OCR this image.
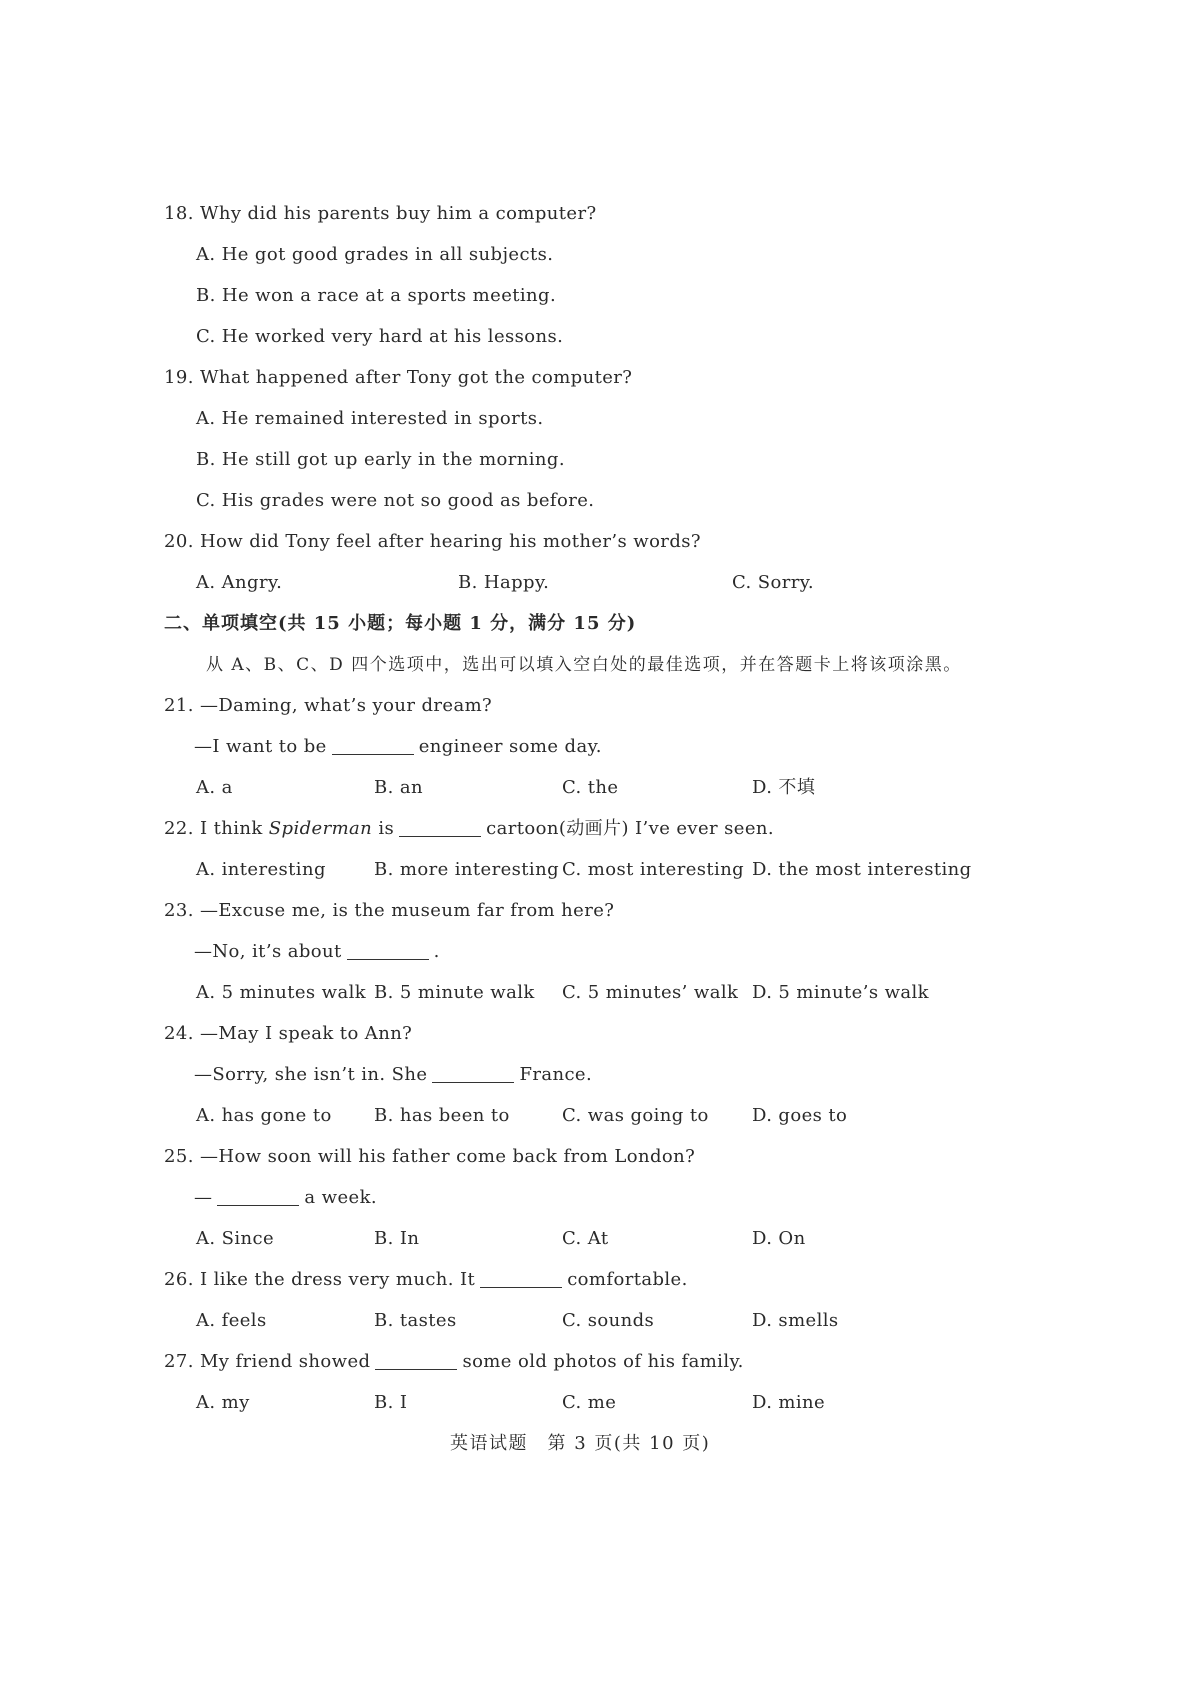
18. Why did his parents buy him a computer?
A. He got good grades in all subjects.
B. He won a race at a sports meeting.
C. He worked very hard at his lessons.
19. What happened after Tony got the computer?
A. He remained interested in sports.
B. He still got up early in the morning.
C. His grades were not so good as before.
20. How did Tony feel after hearing his mother’s words?
A. Angry.	B. Happy.	C. Sorry.
二、单项填空(共 15 小题；每小题 1 分，满分 15 分)
从 A、B、C、D 四个选项中，选出可以填入空白处的最佳选项，并在答题卡上将该项涂黑。
21. —Daming, what’s your dream?
—I want to be	engineer some day.
A. a	B. an	C. the	D. 不填
22. I think Spiderman is	cartoon(动画片) I’ve ever seen.
A. interesting	B. more interesting C. most interesting D. the most interesting
23. —Excuse me, is the museum far from here?
—No, it’s about	.
A. 5 minutes walk B. 5 minute walk C. 5 minutes’ walk D. 5 minute’s walk
24. —May I speak to Ann?
—Sorry, she isn’t in. She	France.
A. has gone to B. has been to	C. was going to D. goes to
25. —How soon will his father come back from London?
—	a week.
A. Since	B. In	C. At	D. On
26. I like the dress very much. It	comfortable.
A. feels	B. tastes	C. sounds	D. smells
27. My friend showed	some old photos of his family.
A. my	B. I	C. me	D. mine
英语试题　第 3 页(共 10 页)
